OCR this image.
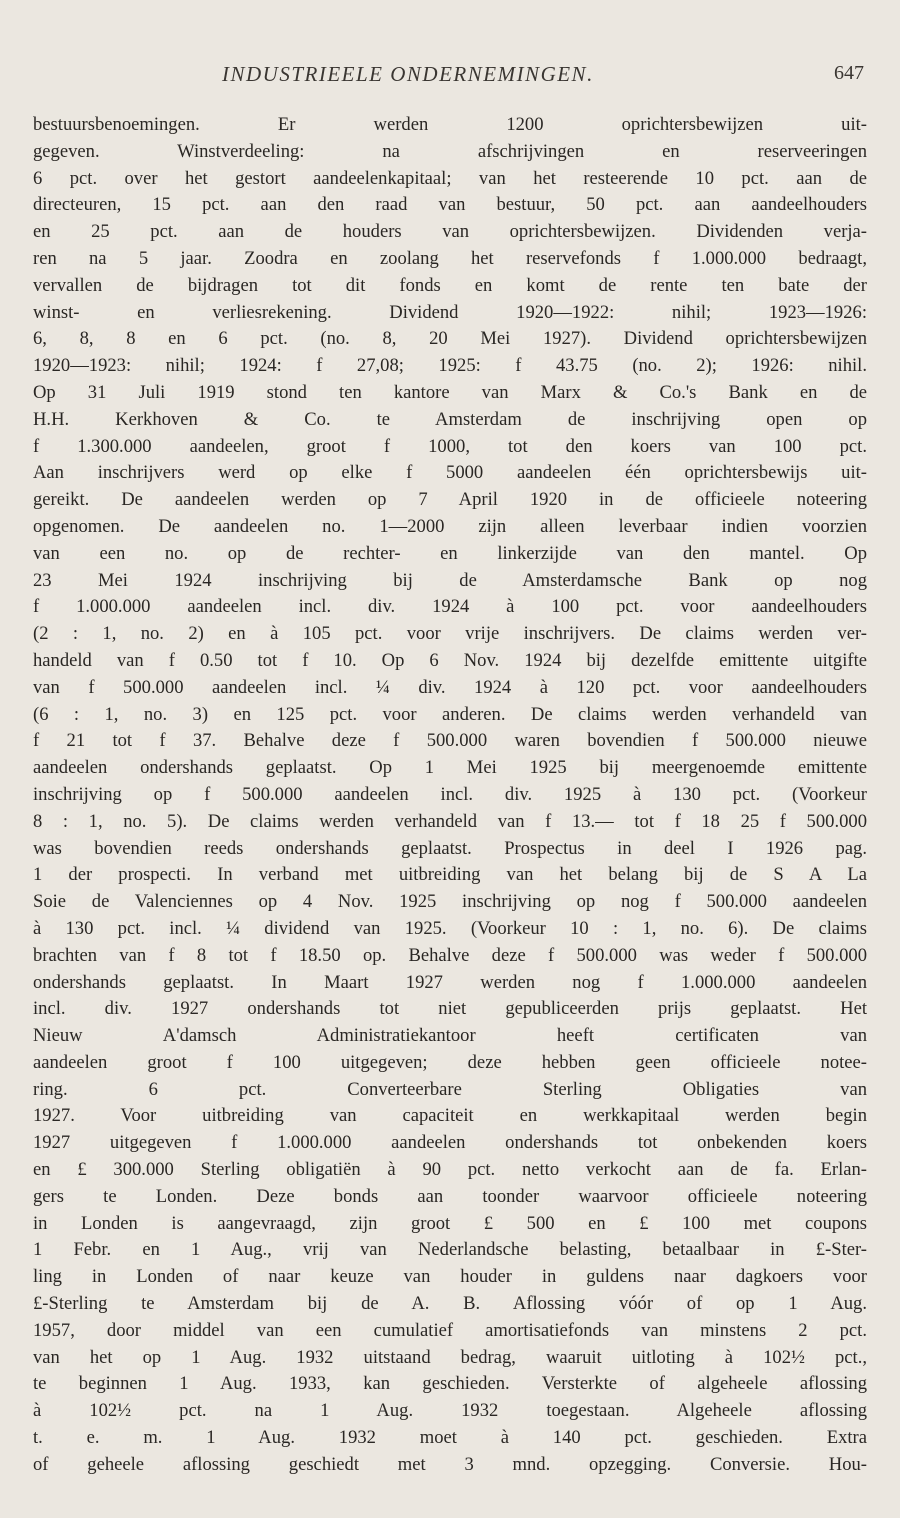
INDUSTRIEELE ONDERNEMINGEN.	647
bestuursbenoemingen. Er werden 1200 oprichtersbewijzen uit-
gegeven. Winstverdeeling: na afschrijvingen en reserveeringen
6 pct. over het gestort aandeelenkapitaal; van het resteerende 10 pct. aan de
directeuren, 15 pct. aan den raad van bestuur, 50 pct. aan aandeelhouders
en 25 pct. aan de houders van oprichtersbewijzen. Dividenden verja-
ren na 5 jaar. Zoodra en zoolang het reservefonds f 1.000.000 bedraagt,
vervallen de bijdragen tot dit fonds en komt de rente ten bate der
winst- en verliesrekening. Dividend 1920—1922: nihil; 1923—1926:
6, 8, 8 en 6 pct. (no. 8, 20 Mei 1927). Dividend oprichtersbewijzen
1920—1923: nihil; 1924: f 27,08; 1925: f 43.75 (no. 2); 1926: nihil.
Op 31 Juli 1919 stond ten kantore van Marx & Co.'s Bank en de
H.H. Kerkhoven & Co. te Amsterdam de inschrijving open op
f 1.300.000 aandeelen, groot f 1000, tot den koers van 100 pct.
Aan inschrijvers werd op elke f 5000 aandeelen één oprichtersbewijs uit-
gereikt. De aandeelen werden op 7 April 1920 in de officieele noteering
opgenomen. De aandeelen no. 1—2000 zijn alleen leverbaar indien voorzien
van een no. op de rechter- en linkerzijde van den mantel. Op
23 Mei 1924 inschrijving bij de Amsterdamsche Bank op nog
f 1.000.000 aandeelen incl. div. 1924 à 100 pct. voor aandeelhouders
(2 : 1, no. 2) en à 105 pct. voor vrije inschrijvers. De claims werden ver-
handeld van f 0.50 tot f 10. Op 6 Nov. 1924 bij dezelfde emittente uitgifte
van f 500.000 aandeelen incl. ¼ div. 1924 à 120 pct. voor aandeelhouders
(6 : 1, no. 3) en 125 pct. voor anderen. De claims werden verhandeld van
f 21 tot f 37. Behalve deze f 500.000 waren bovendien f 500.000 nieuwe
aandeelen ondershands geplaatst. Op 1 Mei 1925 bij meergenoemde emittente
inschrijving op f 500.000 aandeelen incl. div. 1925 à 130 pct. (Voorkeur
8 : 1, no. 5). De claims werden verhandeld van f 13.— tot f 18 25 f 500.000
was bovendien reeds ondershands geplaatst. Prospectus in deel I 1926 pag.
1 der prospecti. In verband met uitbreiding van het belang bij de S A La
Soie de Valenciennes op 4 Nov. 1925 inschrijving op nog f 500.000 aandeelen
à 130 pct. incl. ¼ dividend van 1925. (Voorkeur 10 : 1, no. 6). De claims
brachten van f 8 tot f 18.50 op. Behalve deze f 500.000 was weder f 500.000
ondershands geplaatst. In Maart 1927 werden nog f 1.000.000 aandeelen
incl. div. 1927 ondershands tot niet gepubliceerden prijs geplaatst. Het
Nieuw A'damsch Administratiekantoor heeft certificaten van
aandeelen groot f 100 uitgegeven; deze hebben geen officieele notee-
ring. 6 pct. Converteerbare Sterling Obligaties van
1927. Voor uitbreiding van capaciteit en werkkapitaal werden begin
1927 uitgegeven f 1.000.000 aandeelen ondershands tot onbekenden koers
en £ 300.000 Sterling obligatiën à 90 pct. netto verkocht aan de fa. Erlan-
gers te Londen. Deze bonds aan toonder waarvoor officieele noteering
in Londen is aangevraagd, zijn groot £ 500 en £ 100 met coupons
1 Febr. en 1 Aug., vrij van Nederlandsche belasting, betaalbaar in £-Ster-
ling in Londen of naar keuze van houder in guldens naar dagkoers voor
£-Sterling te Amsterdam bij de A. B. Aflossing vóór of op 1 Aug.
1957, door middel van een cumulatief amortisatiefonds van minstens 2 pct.
van het op 1 Aug. 1932 uitstaand bedrag, waaruit uitloting à 102½ pct.,
te beginnen 1 Aug. 1933, kan geschieden. Versterkte of algeheele aflossing
à 102½ pct. na 1 Aug. 1932 toegestaan. Algeheele aflossing
t. e. m. 1 Aug. 1932 moet à 140 pct. geschieden. Extra
of geheele aflossing geschiedt met 3 mnd. opzegging. Conversie. Hou-
